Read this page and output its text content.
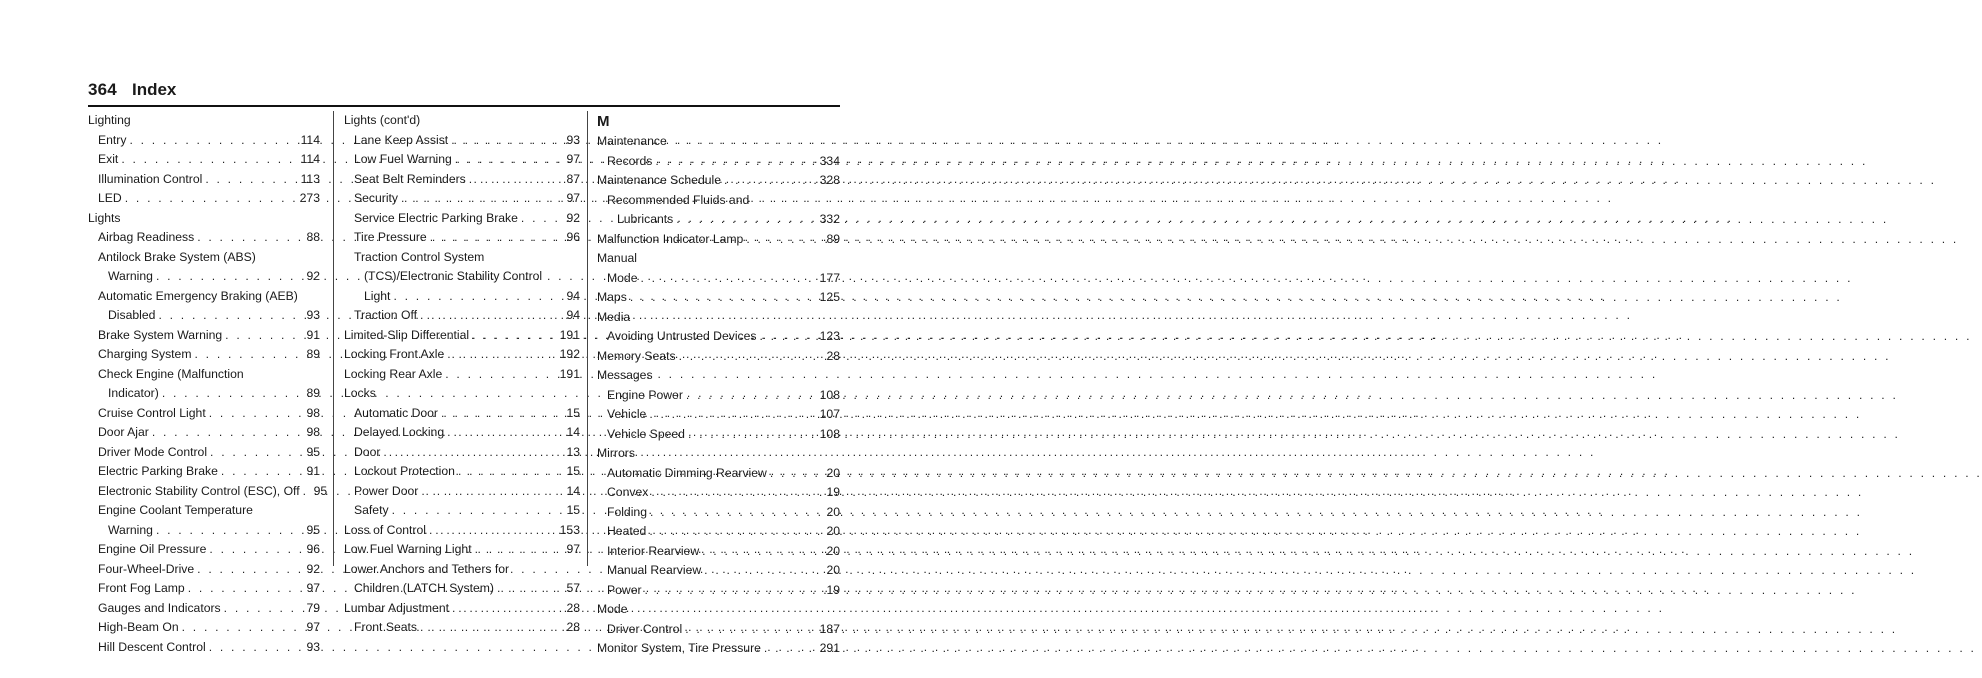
364 Index
Lighting
Entry . . .	114
Exit . . .	114
Illumination Control . . .	113
LED . . .	273
Lights
Airbag Readiness . . .	88
Antilock Brake System (ABS)
Warning . . .	92
Automatic Emergency Braking (AEB)
Disabled . . .	93
Brake System Warning . . .	91
Charging System . . .	89
Check Engine (Malfunction
Indicator) . . .	89
Cruise Control Light . . .	98
Door Ajar . . .	98
Driver Mode Control . . .	95
Electric Parking Brake . . .	91
Electronic Stability Control (ESC), Off . . . 95
Engine Coolant Temperature
Warning . . .	95
Engine Oil Pressure . . .	96
Four-Wheel-Drive . . .	92
Front Fog Lamp . . .	97
Gauges and Indicators . . .	79
High-Beam On . . .	97
Hill Descent Control . . .	93
Lights (cont'd)
Lane Keep Assist . . .	93
Low Fuel Warning . . .	97
Seat Belt Reminders . . .	87
Security . . .	97
Service Electric Parking Brake . . .	92
Tire Pressure . . .	96
Traction Control System
(TCS)/Electronic Stability Control
Light . . .	94
Traction Off . . .	94
Limited-Slip Differential . . .	191
Locking Front Axle . . .	192
Locking Rear Axle . . .	191
Locks
Automatic Door . . .	15
Delayed Locking . . .	14
Door . . .	13
Lockout Protection . . .	15
Power Door . . .	14
Safety . . .	15
Loss of Control . . .	153
Low Fuel Warning Light . . .	97
Lower Anchors and Tethers for
Children (LATCH System) . . .	57
Lumbar Adjustment . . .	28
Front Seats . . .	28
M
Maintenance
Records . . .	334
Maintenance Schedule . . .	328
Recommended Fluids and
Lubricants . . .	332
Malfunction Indicator Lamp . . .	89
Manual
Mode . . .	177
Maps . . .	125
Media
Avoiding Untrusted Devices . . .	123
Memory Seats . . .	28
Messages
Engine Power . . .	108
Vehicle . . .	107
Vehicle Speed . . .	108
Mirrors
Automatic Dimming Rearview . . .	20
Convex . . .	19
Folding . . .	20
Heated . . .	20
Interior Rearview . . .	20
Manual Rearview . . .	20
Power . . .	19
Mode
Driver Control . . .	187
Monitor System, Tire Pressure . . .	291
